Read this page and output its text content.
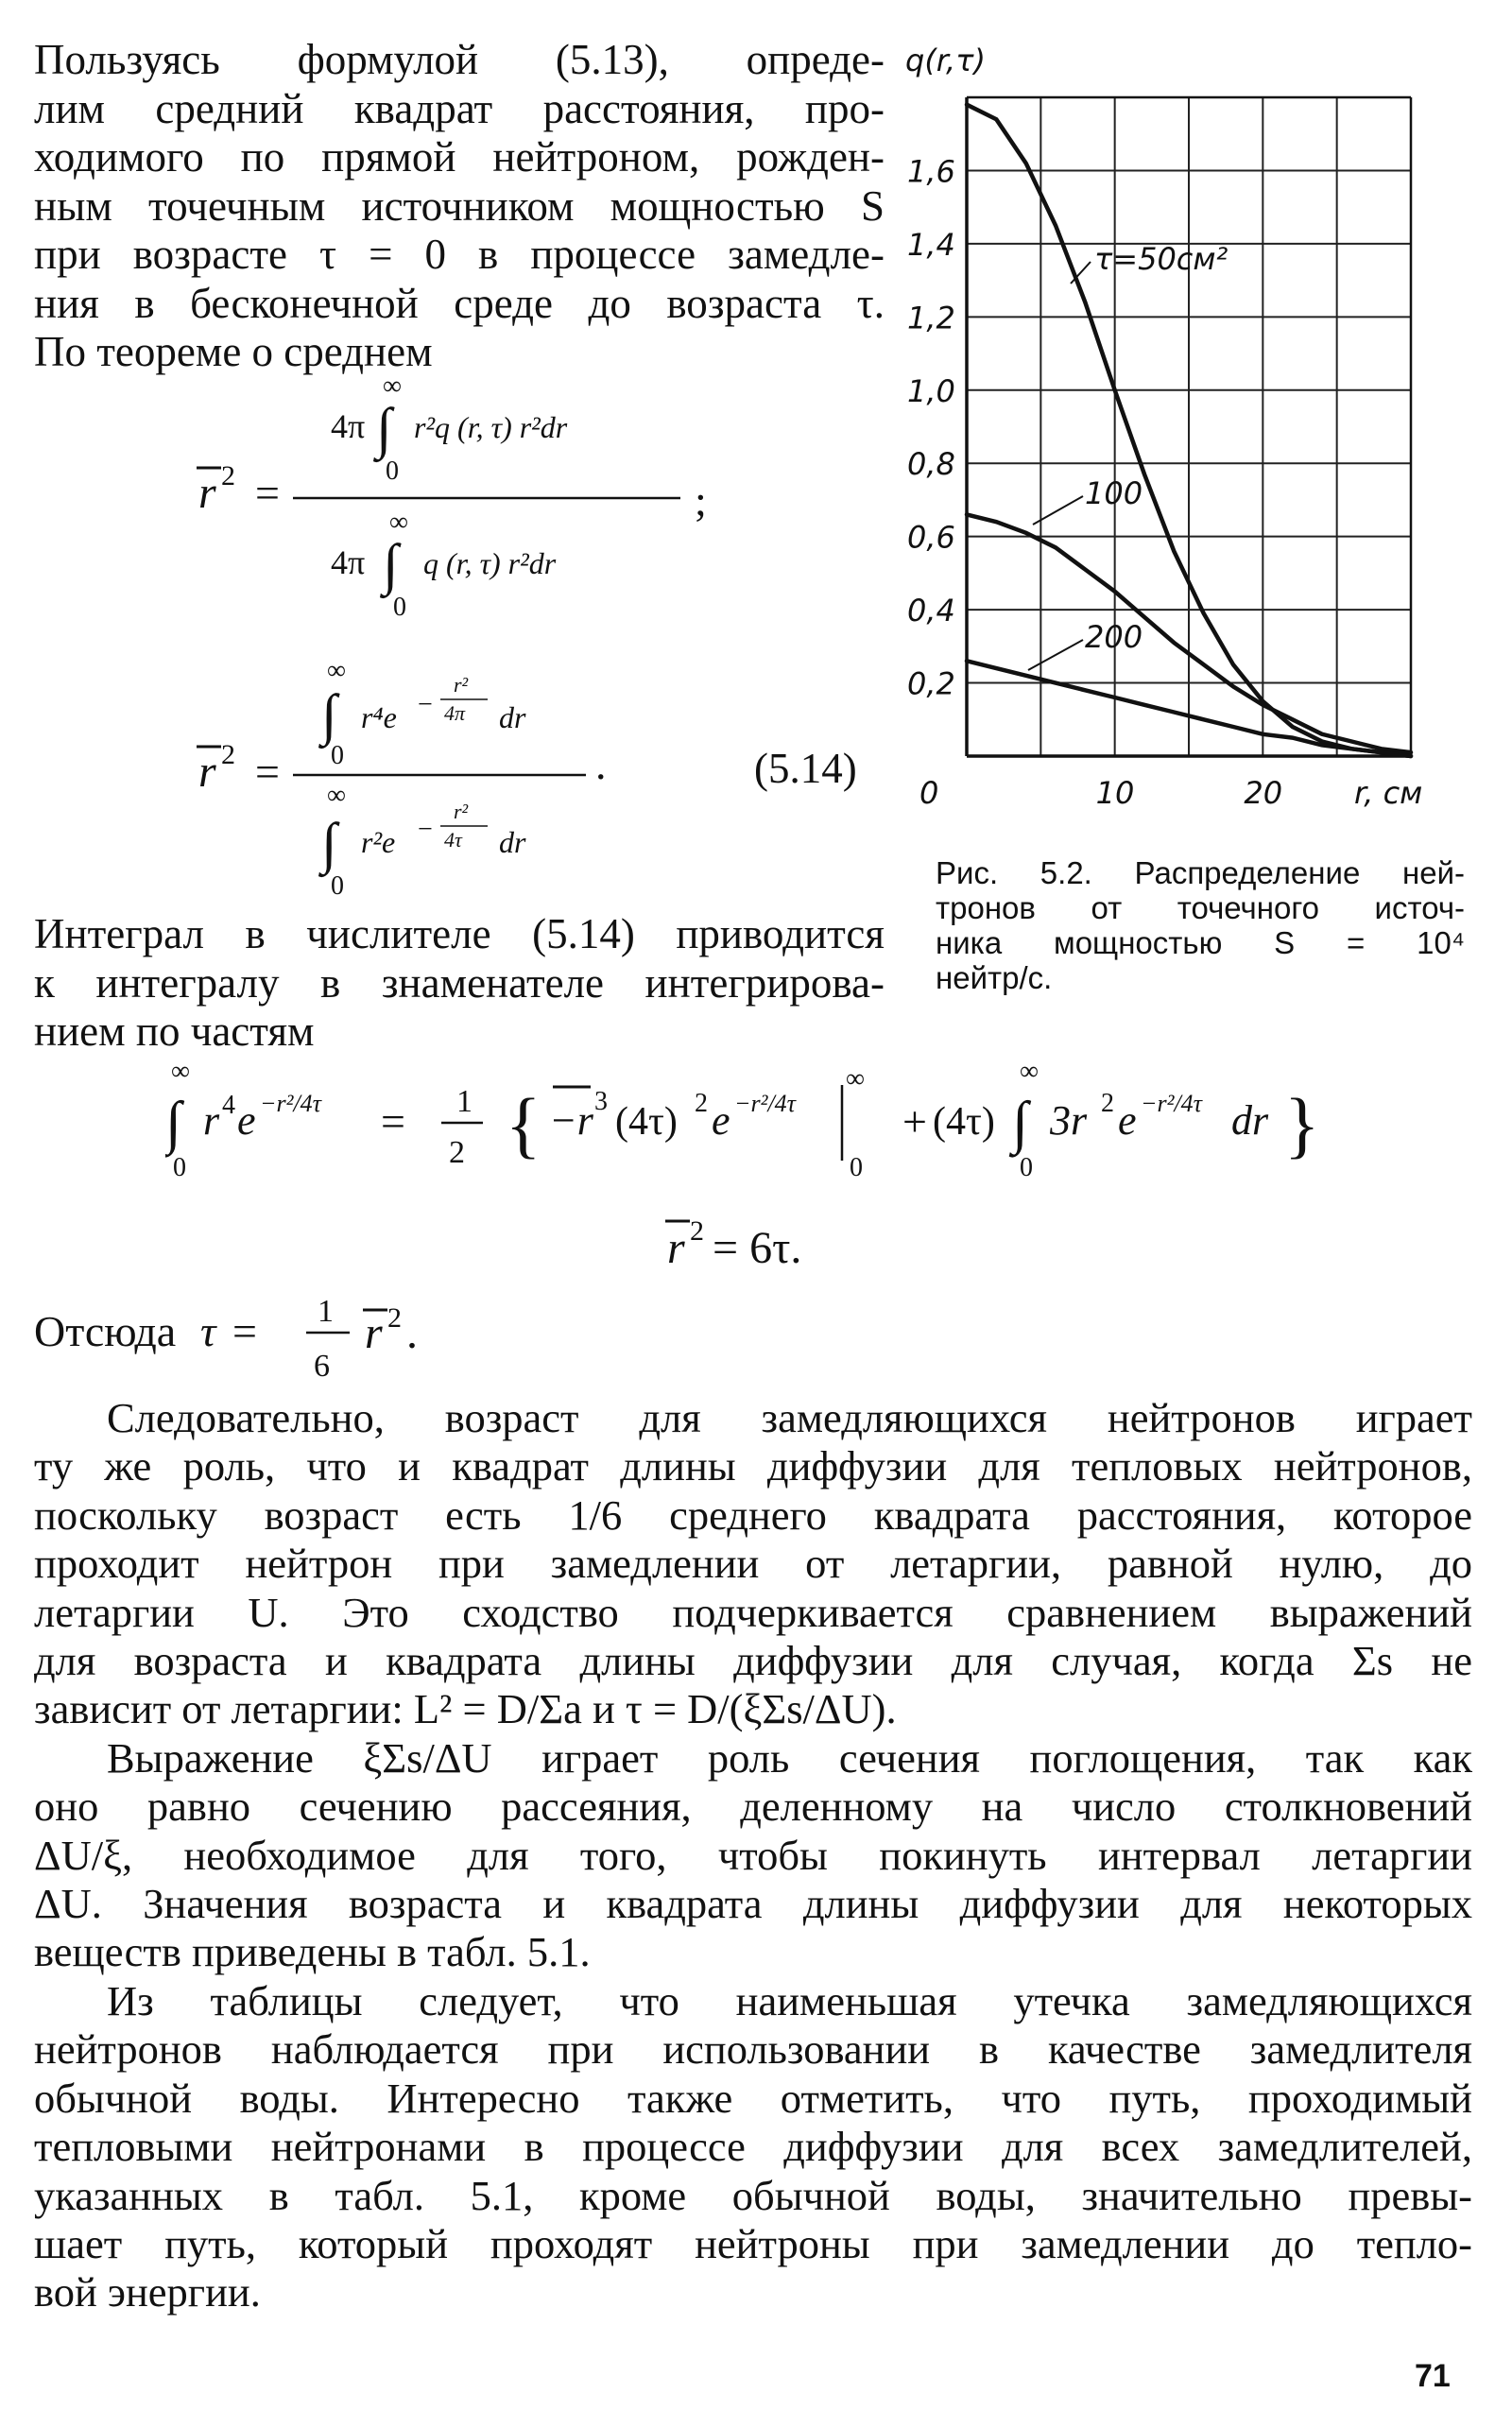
Пользуясь формулой (5.13), опреде-
лим средний квадрат расстояния, про-
ходимого по прямой нейтроном, рожден-
ным точечным источником мощностью S
при возрасте τ = 0 в процессе замедле-
ния в бесконечной среде до возраста τ.
По теореме о среднем
r 2 =
4π
∞
∫
0
r²q (r, τ) r²dr
4π
∞
∫
0
q (r, τ) r²dr
;
r 2 =
∞
∫
0
r⁴e −
r²
4π dr
∞
∫
0
r²e −
r²
4τ dr
.	(5.14)
Интеграл в числителе (5.14) приводится
к интегралу в знаменателе интегрирова-
нием по частям
0,2
0,4
0,6
0,8
1,0
1,2
1,4
1,6
0	10	20
q(r,τ)
r, см
τ=50см²
100
200
Рис. 5.2. Распределение ней-
тронов от точечного источ-
ника мощностью S = 10⁴
нейтр/с.
∞
∫
0
r 4 e −r²/4τ = 1
2 { −r 3 (4τ) 2 e −r²/4τ
∞
0
+ (4τ)
∞
∫
0
3r 2 e −r²/4τ dr }
r 2 = 6τ.
Отсюда τ = 1
6
r 2 .
Следовательно, возраст для замедляющихся нейтронов играет
ту же роль, что и квадрат длины диффузии для тепловых нейтронов,
поскольку возраст есть 1/6 среднего квадрата расстояния, которое
проходит нейтрон при замедлении от летаргии, равной нулю, до
летаргии U. Это сходство подчеркивается сравнением выражений
для возраста и квадрата длины диффузии для случая, когда Σs не
зависит от летаргии: L² = D/Σa и τ = D/(ξΣs/ΔU).
Выражение ξΣs/ΔU играет роль сечения поглощения, так как
оно равно сечению рассеяния, деленному на число столкновений
ΔU/ξ, необходимое для того, чтобы покинуть интервал летаргии
ΔU. Значения возраста и квадрата длины диффузии для некоторых
веществ приведены в табл. 5.1.
Из таблицы следует, что наименьшая утечка замедляющихся
нейтронов наблюдается при использовании в качестве замедлителя
обычной воды. Интересно также отметить, что путь, проходимый
тепловыми нейтронами в процессе диффузии для всех замедлителей,
указанных в табл. 5.1, кроме обычной воды, значительно превы-
шает путь, который проходят нейтроны при замедлении до тепло-
вой энергии.
71
